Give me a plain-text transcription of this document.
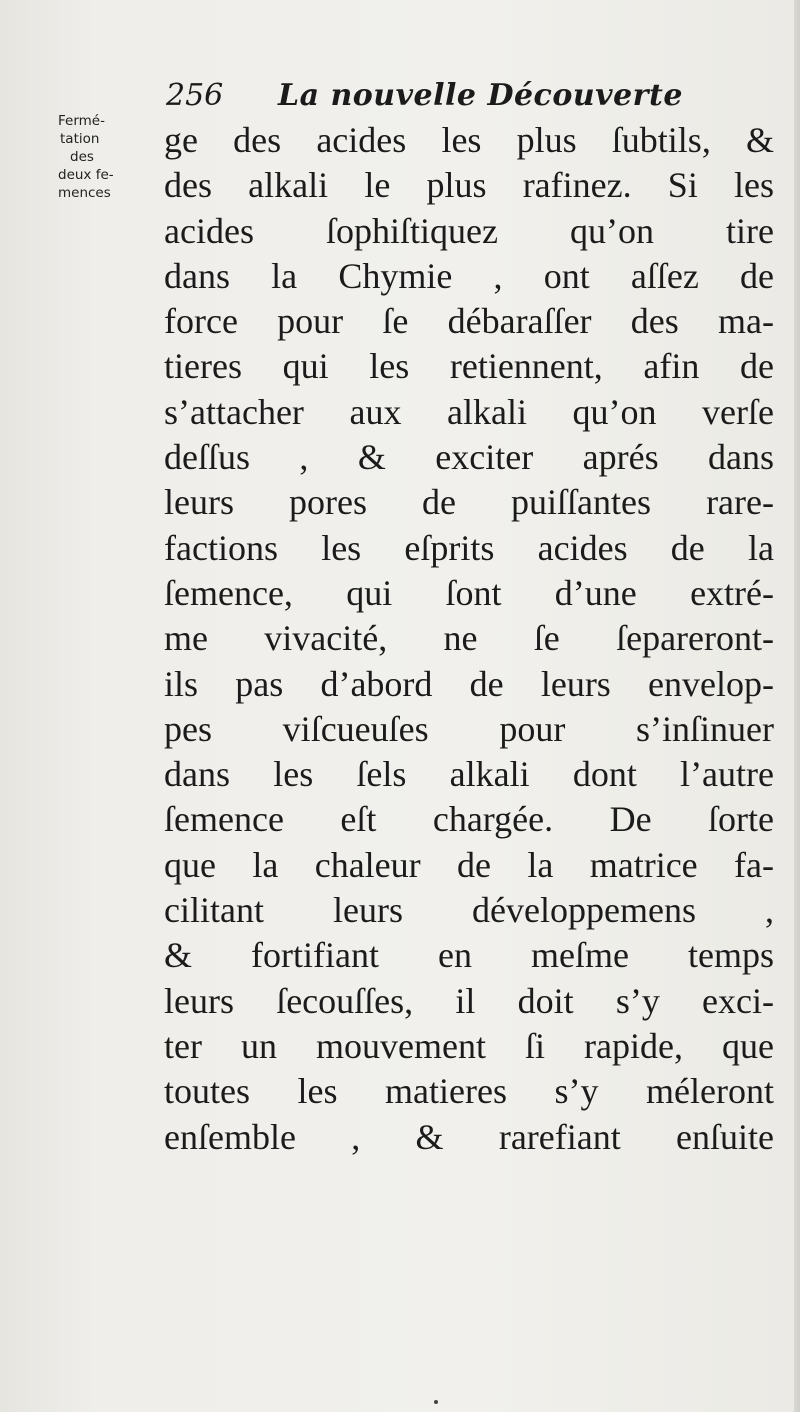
256 La nouvelle Découverte
Fermé-
tation
des
deux fe-
mences
ge des acides les plus ſubtils, &
des alkali le plus rafinez. Si les
acides ſophiſtiquez qu’on tire
dans la Chymie , ont aſſez de
force pour ſe débaraſſer des ma-
tieres qui les retiennent, afin de
s’attacher aux alkali qu’on verſe
deſſus , & exciter aprés dans
leurs pores de puiſſantes rare-
factions les eſprits acides de la
ſemence, qui ſont d’une extré-
me vivacité, ne ſe ſepareront-
ils pas d’abord de leurs envelop-
pes viſcueuſes pour s’inſinuer
dans les ſels alkali dont l’autre
ſemence eſt chargée. De ſorte
que la chaleur de la matrice fa-
cilitant leurs développemens ,
& fortifiant en meſme temps
leurs ſecouſſes, il doit s’y exci-
ter un mouvement ſi rapide, que
toutes les matieres s’y méleront
enſemble , & rarefiant enſuite
